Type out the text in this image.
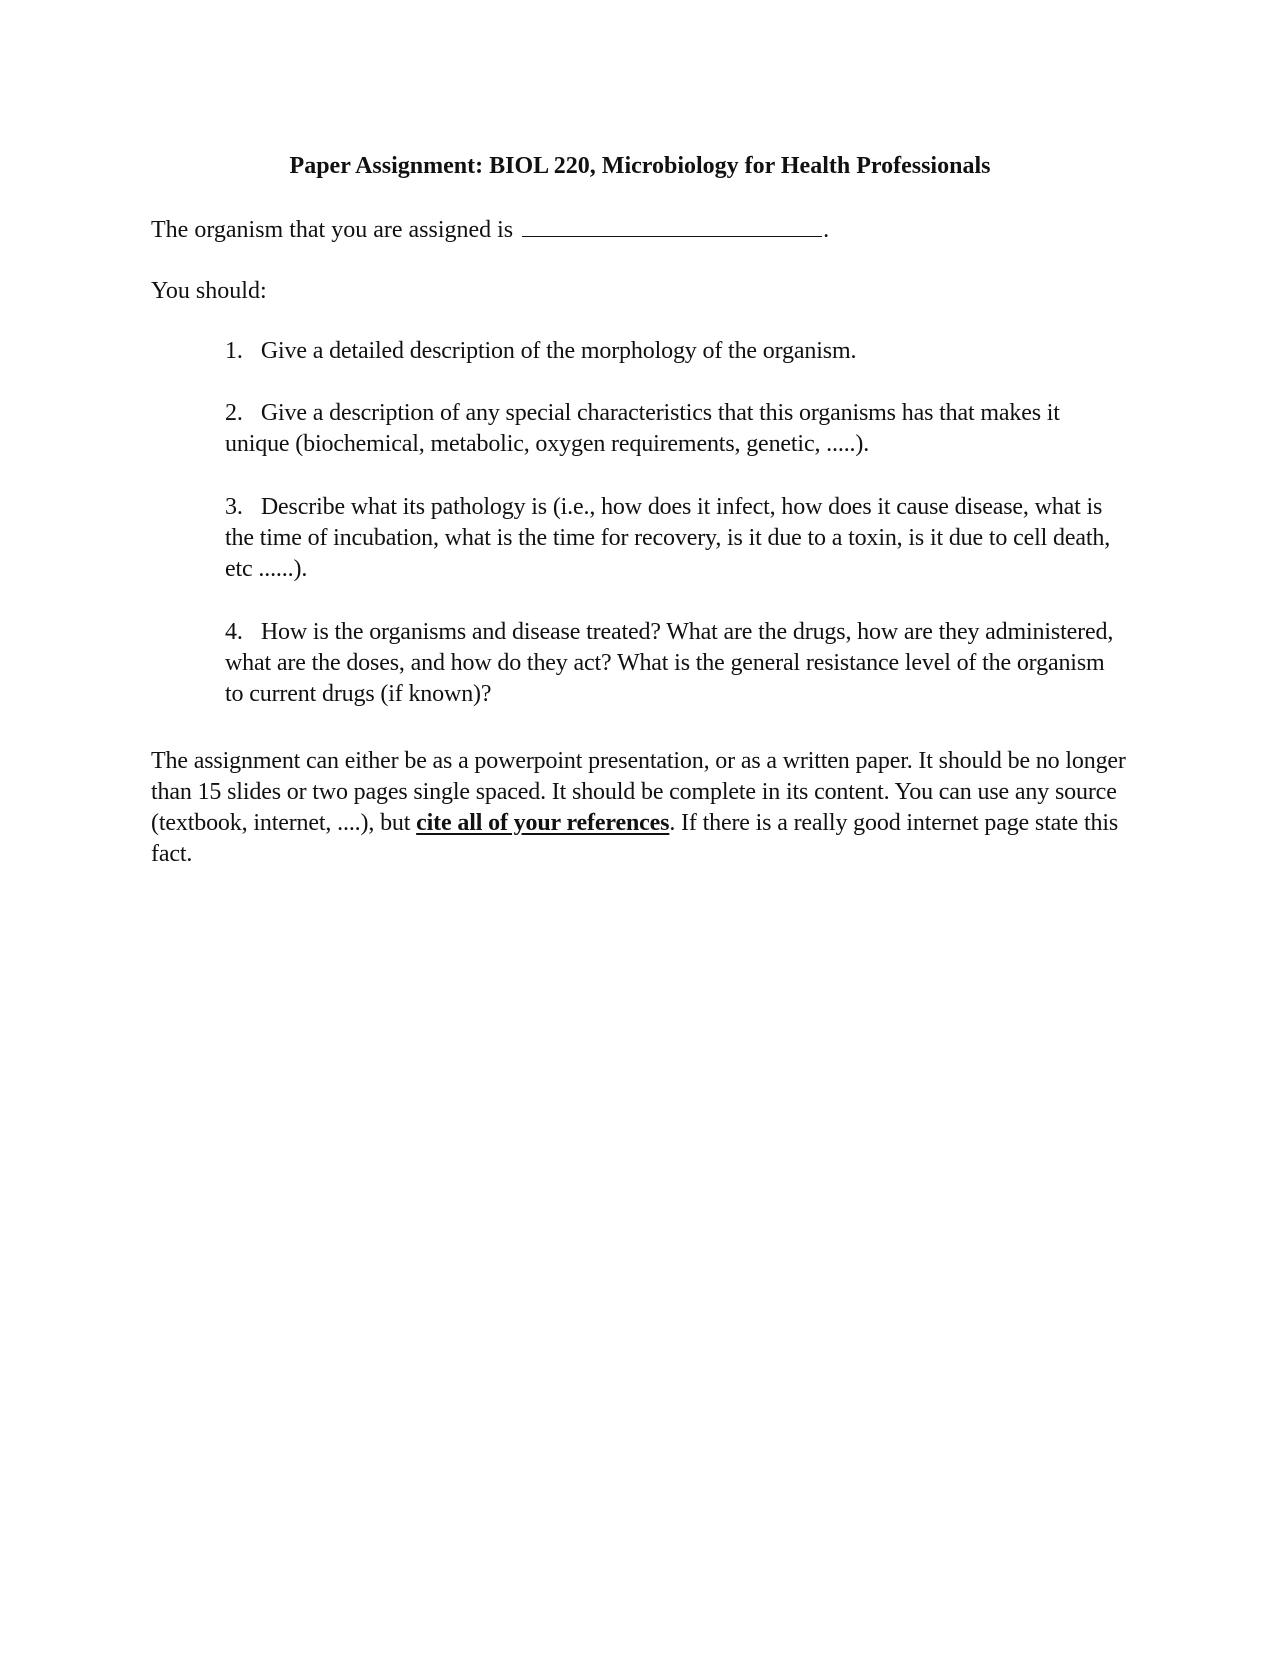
Paper Assignment: BIOL 220, Microbiology for Health Professionals

The organism that you are assigned is	.

You should:

1. Give a detailed description of the morphology of the organism.

2. Give a description of any special characteristics that this organisms has that makes it unique (biochemical, metabolic, oxygen requirements, genetic, .....).

3. Describe what its pathology is (i.e., how does it infect, how does it cause disease, what is the time of incubation, what is the time for recovery, is it due to a toxin, is it due to cell death, etc ......).

4. How is the organisms and disease treated? What are the drugs, how are they administered, what are the doses, and how do they act? What is the general resistance level of the organism to current drugs (if known)?

The assignment can either be as a powerpoint presentation, or as a written paper. It should be no longer than 15 slides or two pages single spaced. It should be complete in its content. You can use any source (textbook, internet, ....), but cite all of your references. If there is a really good internet page state this fact.
